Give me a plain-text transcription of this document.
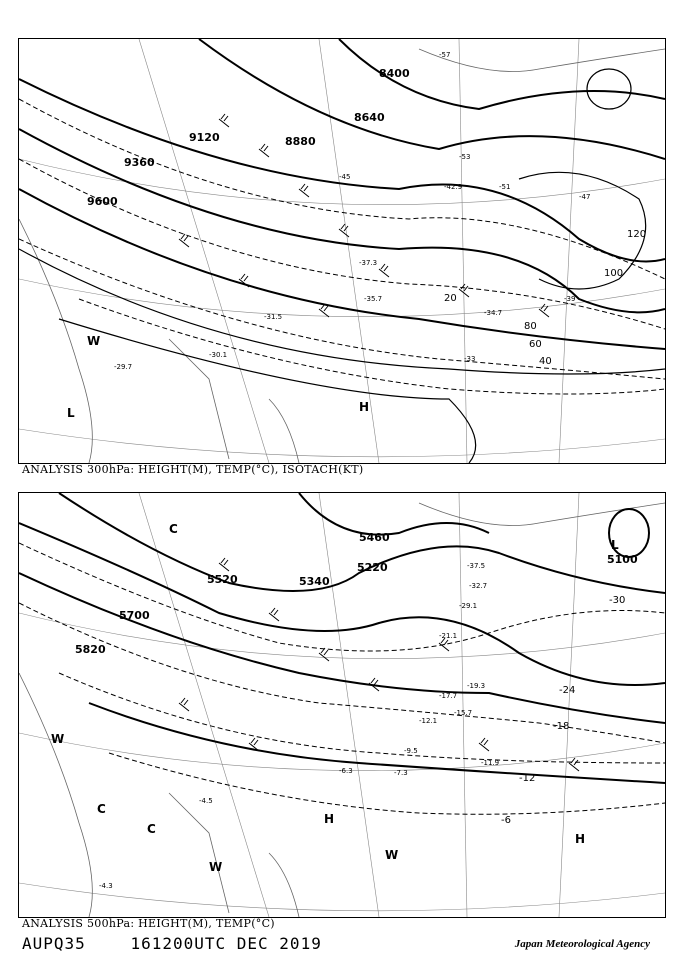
8400
8640
8880
9120
9360
9600
20
40
60
80
100
120
-57
-53
-51
-47
-45
-42.9
-39
-37.3
-35.7
-34.7
-33
-31.5
-30.1
-29.7
L	H
W
ANALYSIS 300hPa: HEIGHT(M), TEMP(°C), ISOTACH(KT)
5100
5220
5340
5460
5520
5700
5820
-30
-24
-18
-12
-6
-37.5
-32.7
-29.1
-21.1
-19.3
-17.7
-15.7
-12.1
-11.9
-9.5
-7.3
-6.3
-4.5
-4.3
L
H
H
W
W
W
C
C
C
ANALYSIS 500hPa: HEIGHT(M), TEMP(°C)
AUPQ35	161200UTC DEC 2019	Japan Meteorological Agency
